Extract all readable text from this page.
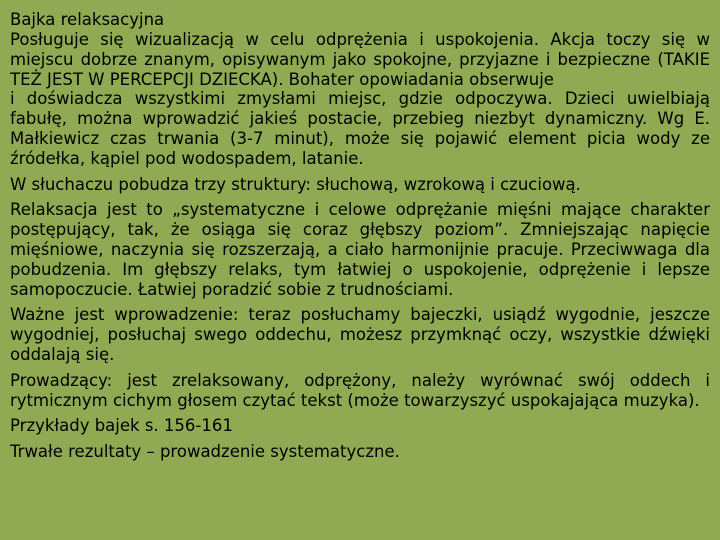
Bajka relaksacyjna

Posługuje się wizualizacją w celu odprężenia i uspokojenia. Akcja toczy się w miejscu dobrze znanym, opisywanym jako spokojne, przyjazne i bezpieczne (TAKIE TEŻ JEST W PERCEPCJI DZIECKA). Bohater opowiadania obserwuje

i doświadcza wszystkimi zmysłami miejsc, gdzie odpoczywa. Dzieci uwielbiają fabułę, można wprowadzić jakieś postacie, przebieg niezbyt dynamiczny. Wg E. Małkiewicz czas trwania (3-7 minut), może się pojawić element picia wody ze źródełka, kąpiel pod wodospadem, latanie.

W słuchaczu pobudza trzy struktury: słuchową, wzrokową i czuciową.

Relaksacja jest to „systematyczne i celowe odprężanie mięśni mające charakter postępujący, tak, że osiąga się coraz głębszy poziom”. Zmniejszając napięcie mięśniowe, naczynia się rozszerzają, a ciało harmonijnie pracuje. Przeciwwaga dla pobudzenia. Im głębszy relaks, tym łatwiej o uspokojenie, odprężenie i lepsze samopoczucie. Łatwiej poradzić sobie z trudnościami.

Ważne jest wprowadzenie: teraz posłuchamy bajeczki, usiądź wygodnie, jeszcze wygodniej, posłuchaj swego oddechu, możesz przymknąć oczy, wszystkie dźwięki oddalają się.

Prowadzący: jest zrelaksowany, odprężony, należy wyrównać swój oddech i rytmicznym cichym głosem czytać tekst (może towarzyszyć uspokajająca muzyka).

Przykłady bajek s. 156-161

Trwałe rezultaty – prowadzenie systematyczne.
